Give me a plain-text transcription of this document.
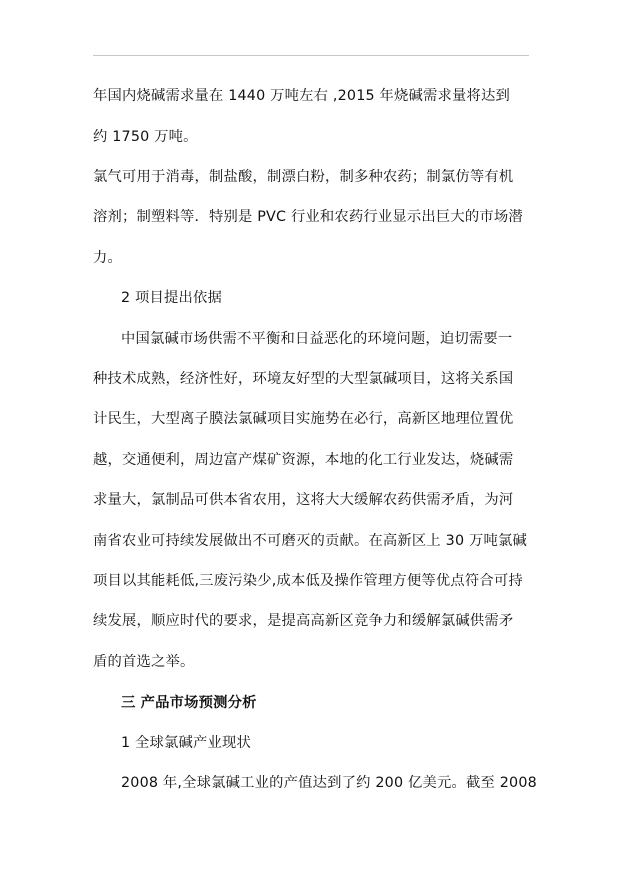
年国内烧碱需求量在 1440 万吨左右 ,2015 年烧碱需求量将达到
约 1750 万吨。
氯气可用于消毒，制盐酸，制漂白粉，制多种农药；制氯仿等有机
溶剂；制塑料等．特别是 PVC 行业和农药行业显示出巨大的市场潜
力。
2 项目提出依据
中国氯碱市场供需不平衡和日益恶化的环境问题，迫切需要一
种技术成熟，经济性好，环境友好型的大型氯碱项目，这将关系国
计民生，大型离子膜法氯碱项目实施势在必行，高新区地理位置优
越，交通便利，周边富产煤矿资源，本地的化工行业发达，烧碱需
求量大，氯制品可供本省农用，这将大大缓解农药供需矛盾，为河
南省农业可持续发展做出不可磨灭的贡献。在高新区上 30 万吨氯碱
项目以其能耗低,三废污染少,成本低及操作管理方便等优点符合可持
续发展，顺应时代的要求，是提高高新区竞争力和缓解氯碱供需矛
盾的首选之举。
三 产品市场预测分析
1 全球氯碱产业现状
2008 年,全球氯碱工业的产值达到了约 200 亿美元。截至 2008
